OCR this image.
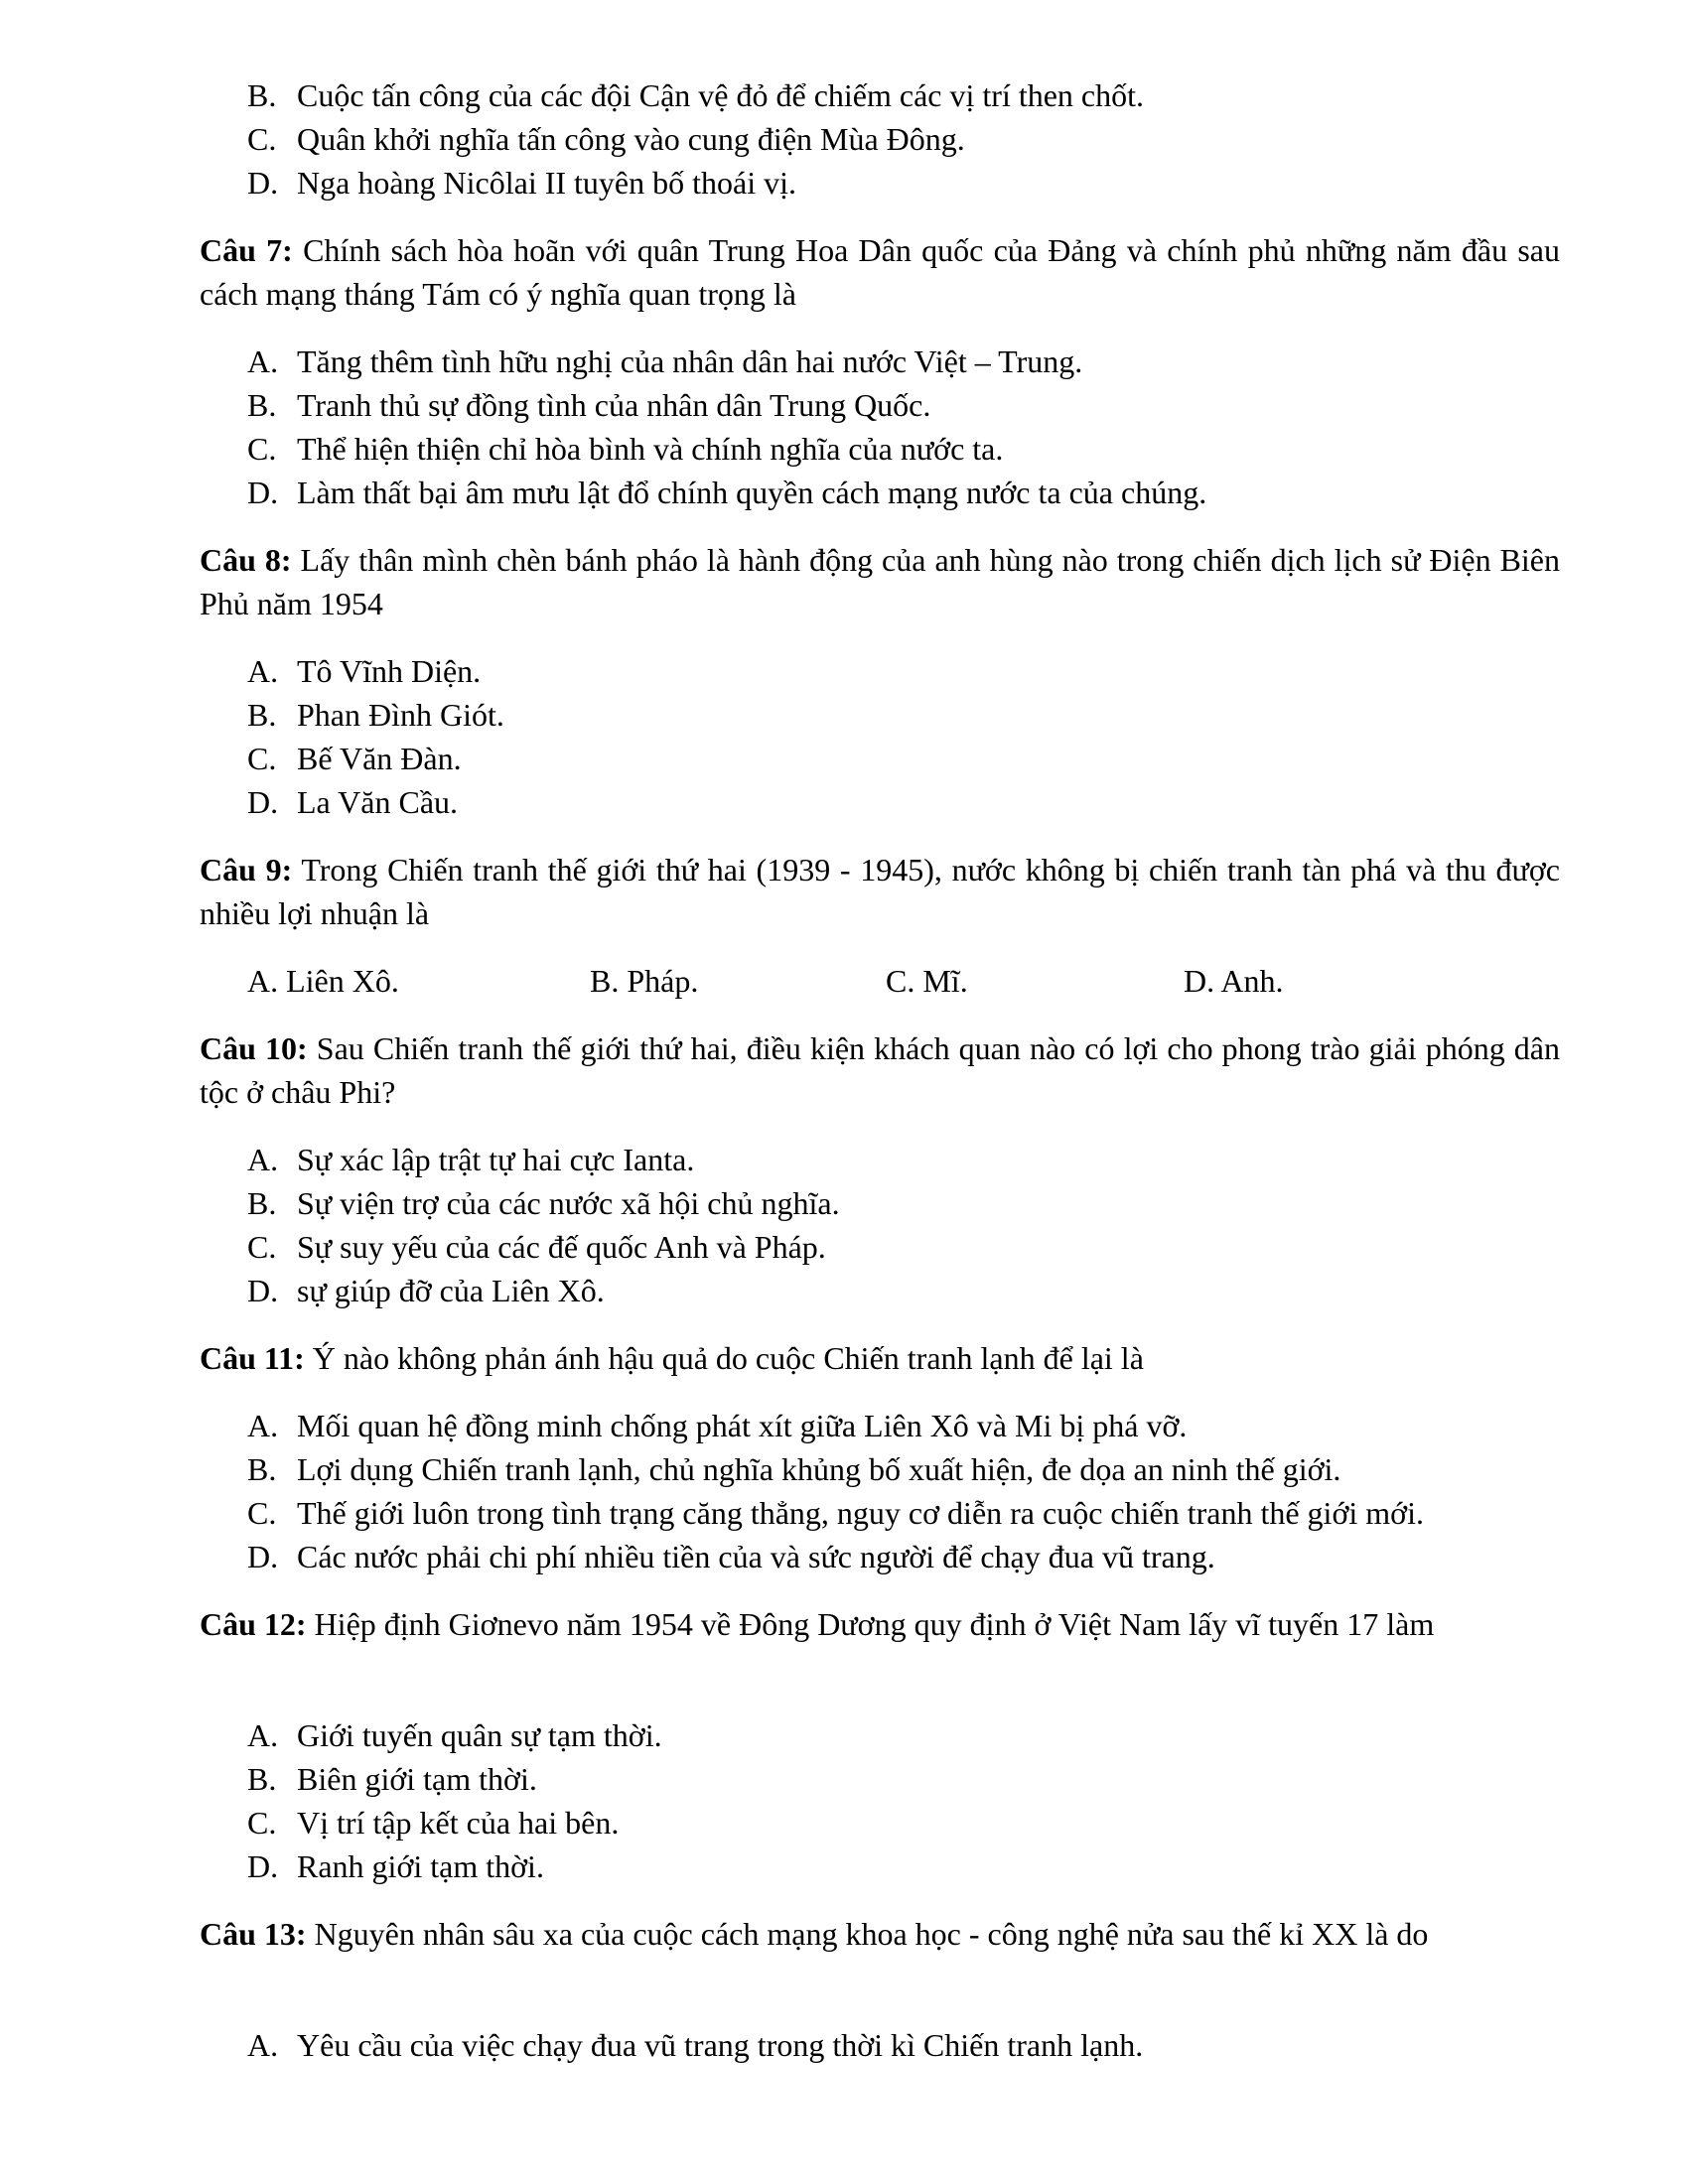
B. Cuộc tấn công của các đội Cận vệ đỏ để chiếm các vị trí then chốt.
C. Quân khởi nghĩa tấn công vào cung điện Mùa Đông.
D. Nga hoàng Nicôlai II tuyên bố thoái vị.
Câu 7: Chính sách hòa hoãn với quân Trung Hoa Dân quốc của Đảng và chính phủ những năm đầu sau cách mạng tháng Tám có ý nghĩa quan trọng là
A. Tăng thêm tình hữu nghị của nhân dân hai nước Việt – Trung.
B. Tranh thủ sự đồng tình của nhân dân Trung Quốc.
C. Thể hiện thiện chỉ hòa bình và chính nghĩa của nước ta.
D. Làm thất bại âm mưu lật đổ chính quyền cách mạng nước ta của chúng.
Câu 8: Lấy thân mình chèn bánh pháo là hành động của anh hùng nào trong chiến dịch lịch sử Điện Biên Phủ năm 1954
A. Tô Vĩnh Diện.
B. Phan Đình Giót.
C. Bế Văn Đàn.
D. La Văn Cầu.
Câu 9: Trong Chiến tranh thế giới thứ hai (1939 - 1945), nước không bị chiến tranh tàn phá và thu được nhiều lợi nhuận là
A. Liên Xô.	B. Pháp.	C. Mĩ.	D. Anh.
Câu 10: Sau Chiến tranh thế giới thứ hai, điều kiện khách quan nào có lợi cho phong trào giải phóng dân tộc ở châu Phi?
A. Sự xác lập trật tự hai cực Ianta.
B. Sự viện trợ của các nước xã hội chủ nghĩa.
C. Sự suy yếu của các đế quốc Anh và Pháp.
D. sự giúp đỡ của Liên Xô.
Câu 11: Ý nào không phản ánh hậu quả do cuộc Chiến tranh lạnh để lại là
A. Mối quan hệ đồng minh chống phát xít giữa Liên Xô và Mi bị phá vỡ.
B. Lợi dụng Chiến tranh lạnh, chủ nghĩa khủng bố xuất hiện, đe dọa an ninh thế giới.
C. Thế giới luôn trong tình trạng căng thẳng, nguy cơ diễn ra cuộc chiến tranh thế giới mới.
D. Các nước phải chi phí nhiều tiền của và sức người để chạy đua vũ trang.
Câu 12: Hiệp định Giơnevo năm 1954 về Đông Dương quy định ở Việt Nam lấy vĩ tuyến 17 làm
A. Giới tuyến quân sự tạm thời.
B. Biên giới tạm thời.
C. Vị trí tập kết của hai bên.
D. Ranh giới tạm thời.
Câu 13: Nguyên nhân sâu xa của cuộc cách mạng khoa học - công nghệ nửa sau thế kỉ XX là do
A. Yêu cầu của việc chạy đua vũ trang trong thời kì Chiến tranh lạnh.
